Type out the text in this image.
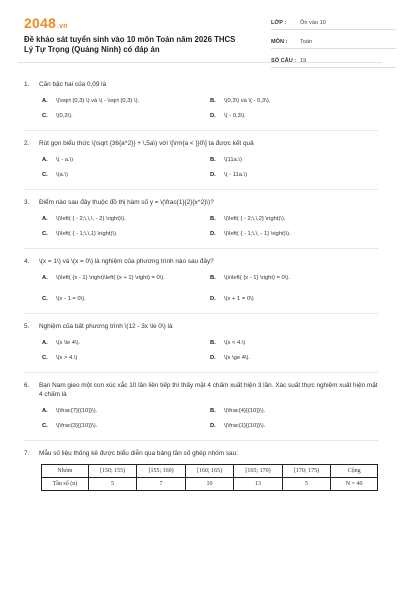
2048.vn
Đề khảo sát tuyển sinh vào 10 môn Toán năm 2026 THCS Lý Tự Trọng (Quảng Ninh) có đáp án
LỚP :	Ôn vào 10
MÔN :	Toán
SỐ CÂU : 19
1.	Căn bậc hai của 0,09 là
A.	\(\sqrt {0,3} \) và \( - \sqrt {0,3} \).	B.	\(0,3\) và \( - 0,3\).
C.	\(0,3\).	D.	\( - 0,3\).
2.	Rút gọn biểu thức \(\sqrt {36{a^2}} + \,5a\) với \[\rm{a < }}0\] ta được kết quả
A.	\( - a.\)	B.	\(11a.\)
C.	\(a.\)	D.	\( - 11a.\)
3.	Điểm nào sau đây thuộc đồ thị hàm số y = \(\frac{1}{2}{x^2}\)?
A.	\(\left( { - 2;\,\,\, - 2} \right)\).	B.	\(\left( { - 2;\,\,2} \right)\).
C.	\(\left( { - 1;\,\,1} \right)\).	D.	\(\left( { - 1;\,\, - 1} \right)\).
4.	\(x = 1\) và \(x = 0\) là nghiệm của phương trình nào sau đây?
A.	\(\left( {x - 1} \right)\left( {x + 1} \right) = 0\).	B.	\(x\left( {x - 1} \right) = 0\).
C.	\(x - 1 = 0\).	D.	\(x + 1 = 0\)
5.	Nghiệm của bất phương trình \(12 - 3x \le 0\) là
A.	\(x \le 4\).	B.	\(x < 4.\)
C.	\(x > 4.\)	D.	\(x \ge 4\).
6.	Bạn Nam gieo một con xúc xắc 10 lần liên tiếp thì thấy mặt 4 chấm xuất hiện 3 lần. Xác suất thực nghiệm xuất hiện mặt 4 chấm là
A.	\(\frac{7}{{10}}\).	B.	\(\frac{4}{{10}}\).
C.	\(\frac{3}{{10}}\).	D.	\(\frac{1}{{10}}\).
7.	Mẫu số liệu thống kê được biểu diễn qua bảng tần số ghép nhóm sau:
Nhóm	[150; 155)	[155; 160)	[160; 165)	[165; 170)	[170; 175)	Cộng
Tần số (n)	5	7	10	13	5	N = 40
